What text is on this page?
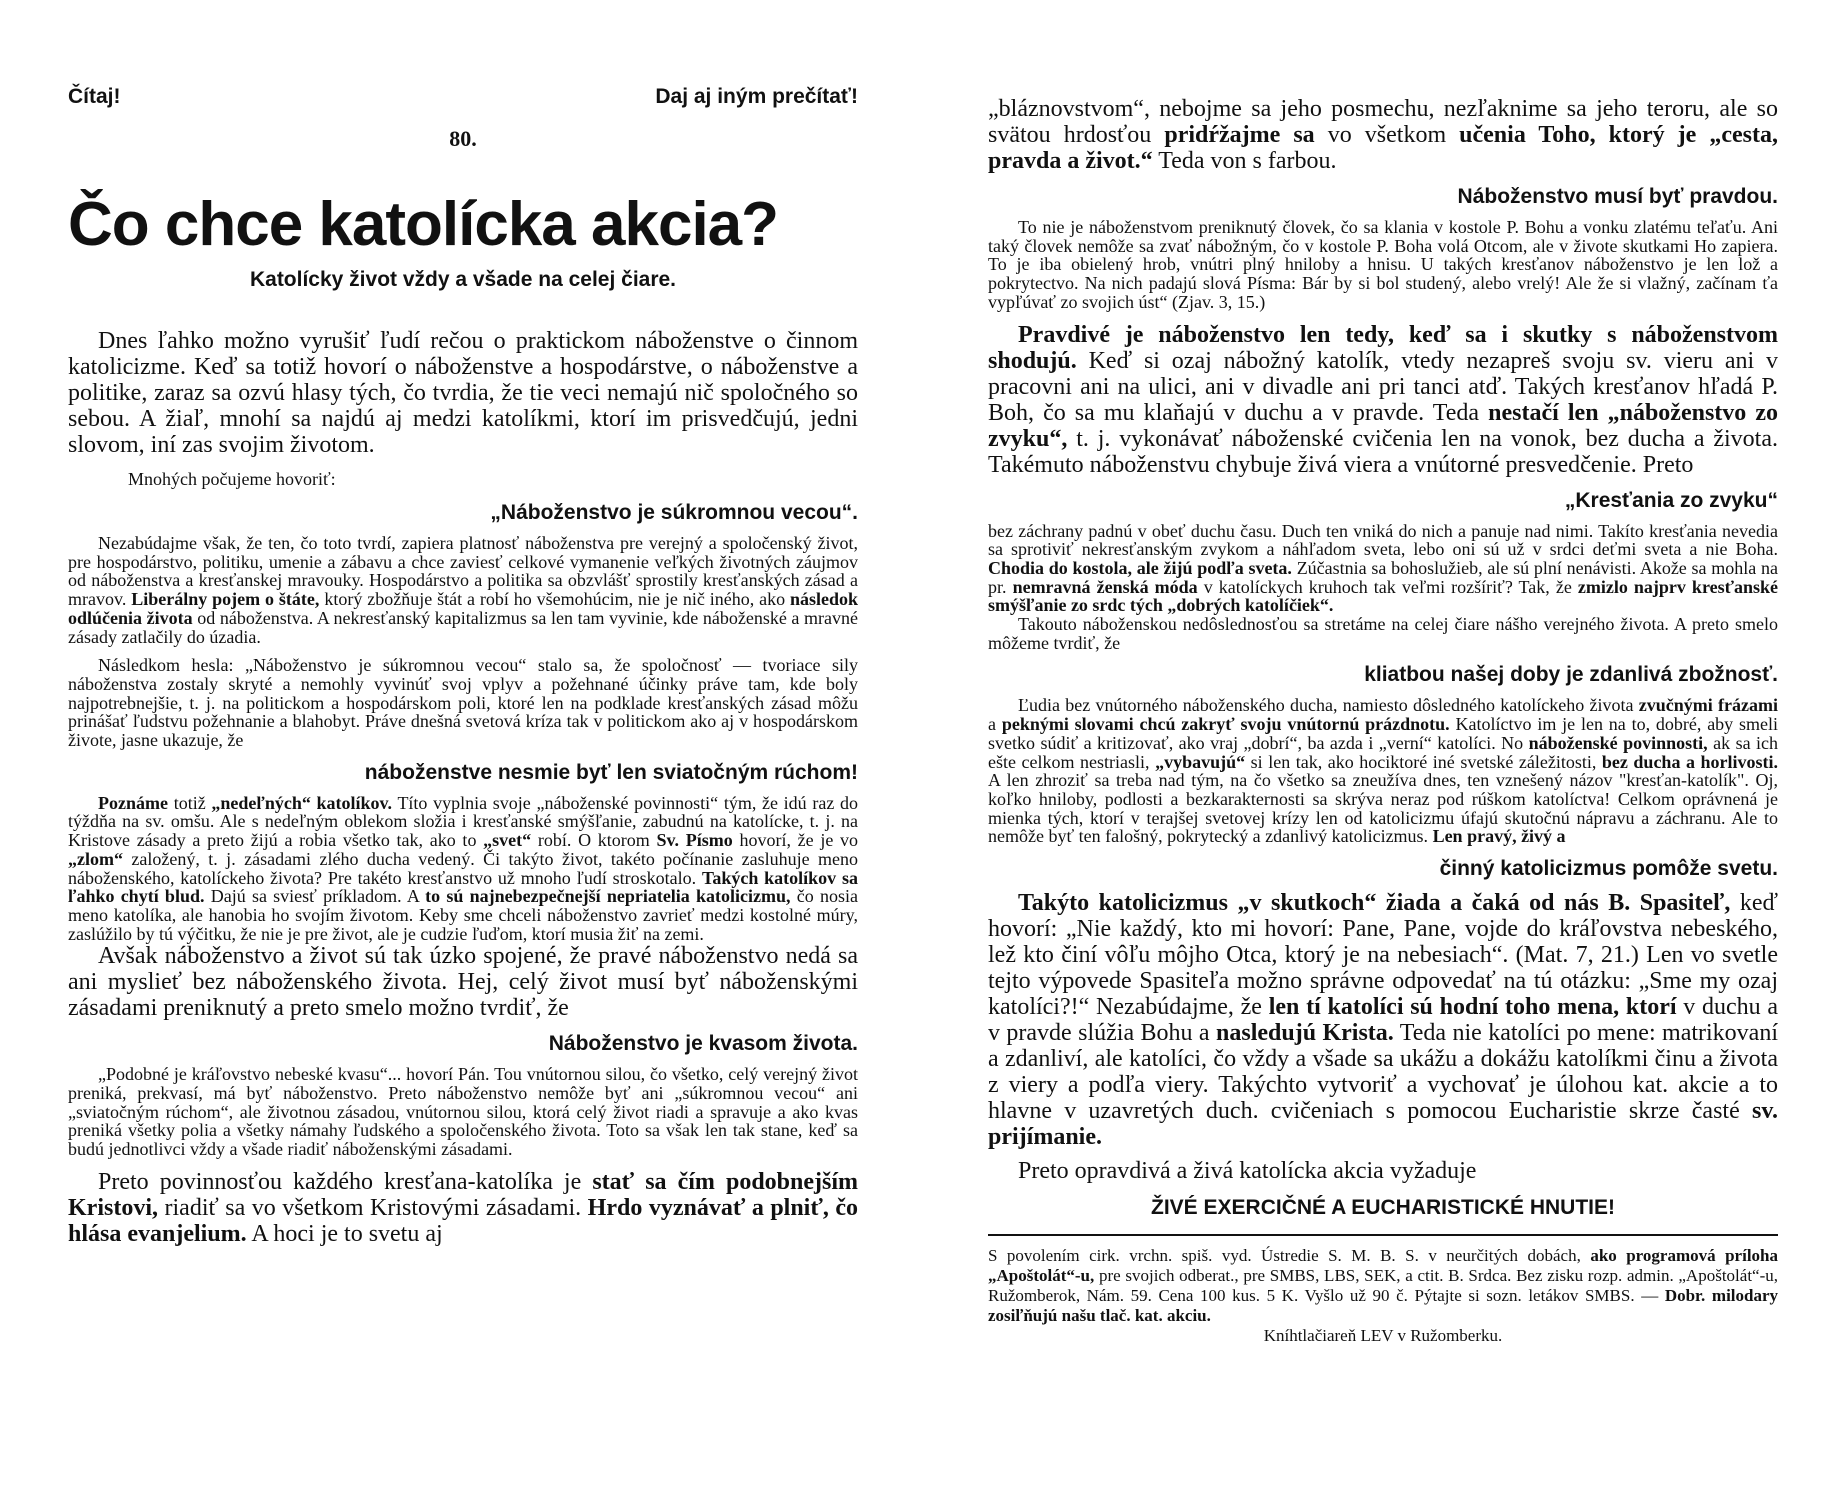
Čítaj!	Daj aj iným prečítať!
80.
Čo chce katolícka akcia?
Katolícky život vždy a všade na celej čiare.

Dnes ľahko možno vyrušiť ľudí rečou o praktickom náboženstve o činnom katolicizme. Keď sa totiž hovorí o náboženstve a hospodárstve, o náboženstve a politike, zaraz sa ozvú hlasy tých, čo tvrdia, že tie veci nemajú nič spoločného so sebou. A žiaľ, mnohí sa najdú aj medzi katolíkmi, ktorí im prisvedčujú, jedni slovom, iní zas svojim životom.

Mnohých počujeme hovoriť:

„Náboženstvo je súkromnou vecou“.

Nezabúdajme však, že ten, čo toto tvrdí, zapiera platnosť náboženstva pre verejný a spoločenský život, pre hospodárstvo, politiku, umenie a zábavu a chce zaviesť celkové vymanenie veľkých životných záujmov od náboženstva a kresťanskej mravouky. Hospodárstvo a politika sa obzvlášť sprostily kresťanských zásad a mravov. Liberálny pojem o štáte, ktorý zbožňuje štát a robí ho všemohúcim, nie je nič iného, ako následok odlúčenia života od náboženstva. A nekresťanský kapitalizmus sa len tam vyvinie, kde náboženské a mravné zásady zatlačily do úzadia.

Následkom hesla: „Náboženstvo je súkromnou vecou“ stalo sa, že spoločnosť — tvoriace sily náboženstva zostaly skryté a nemohly vyvinúť svoj vplyv a požehnané účinky práve tam, kde boly najpotrebnejšie, t. j. na politickom a hospodárskom poli, ktoré len na podklade kresťanských zásad môžu prinášať ľudstvu požehnanie a blahobyt. Práve dnešná svetová kríza tak v politickom ako aj v hospodárskom živote, jasne ukazuje, že

náboženstve nesmie byť len sviatočným rúchom!

Poznáme totiž „nedeľných“ katolíkov. Títo vyplnia svoje „náboženské povinnosti“ tým, že idú raz do týždňa na sv. omšu. Ale s nedeľným oblekom složia i kresťanské smýšľanie, zabudnú na katolícke, t. j. na Kristove zásady a preto žijú a robia všetko tak, ako to „svet“ robí. O ktorom Sv. Písmo hovorí, že je vo „zlom“ založený, t. j. zásadami zlého ducha vedený. Či takýto život, takéto počínanie zasluhuje meno náboženského, katolíckeho života? Pre takéto kresťanstvo už mnoho ľudí stroskotalo. Takých katolíkov sa ľahko chytí blud. Dajú sa sviesť príkladom. A to sú najnebezpečnejší nepriatelia katolicizmu, čo nosia meno katolíka, ale hanobia ho svojím životom. Keby sme chceli náboženstvo zavrieť medzi kostolné múry, zaslúžilo by tú výčitku, že nie je pre život, ale je cudzie ľuďom, ktorí musia žiť na zemi.

Avšak náboženstvo a život sú tak úzko spojené, že pravé náboženstvo nedá sa ani myslieť bez náboženského života. Hej, celý život musí byť náboženskými zásadami preniknutý a preto smelo možno tvrdiť, že

Náboženstvo je kvasom života.

„Podobné je kráľovstvo nebeské kvasu“... hovorí Pán. Tou vnútornou silou, čo všetko, celý verejný život preniká, prekvasí, má byť náboženstvo. Preto náboženstvo nemôže byť ani „súkromnou vecou“ ani „sviatočným rúchom“, ale životnou zásadou, vnútornou silou, ktorá celý život riadi a spravuje a ako kvas preniká všetky polia a všetky námahy ľudského a spoločenského života. Toto sa však len tak stane, keď sa budú jednotlivci vždy a všade riadiť náboženskými zásadami.

Preto povinnosťou každého kresťana-katolíka je stať sa čím podobnejším Kristovi, riadiť sa vo všetkom Kristovými zásadami. Hrdo vyznávať a plniť, čo hlása evanjelium. A hoci je to svetu aj

„bláznovstvom“, nebojme sa jeho posmechu, nezľaknime sa jeho teroru, ale so svätou hrdosťou pridŕžajme sa vo všetkom učenia Toho, ktorý je „cesta, pravda a život.“ Teda von s farbou.

Náboženstvo musí byť pravdou.

To nie je náboženstvom preniknutý človek, čo sa klania v kostole P. Bohu a vonku zlatému teľaťu. Ani taký človek nemôže sa zvať nábožným, čo v kostole P. Boha volá Otcom, ale v živote skutkami Ho zapiera. To je iba obielený hrob, vnútri plný hniloby a hnisu. U takých kresťanov náboženstvo je len lož a pokrytectvo. Na nich padajú slová Písma: Bár by si bol studený, alebo vrelý! Ale že si vlažný, začínam ťa vypľúvať zo svojich úst“ (Zjav. 3, 15.)

Pravdivé je náboženstvo len tedy, keď sa i skutky s náboženstvom shodujú. Keď si ozaj nábožný katolík, vtedy nezapreš svoju sv. vieru ani v pracovni ani na ulici, ani v divadle ani pri tanci atď. Takých kresťanov hľadá P. Boh, čo sa mu klaňajú v duchu a v pravde. Teda nestačí len „náboženstvo zo zvyku“, t. j. vykonávať náboženské cvičenia len na vonok, bez ducha a života. Takémuto náboženstvu chybuje živá viera a vnútorné presvedčenie. Preto

„Kresťania zo zvyku“

bez záchrany padnú v obeť duchu času. Duch ten vniká do nich a panuje nad nimi. Takíto kresťania nevedia sa sprotiviť nekresťanským zvykom a náhľadom sveta, lebo oni sú už v srdci deťmi sveta a nie Boha. Chodia do kostola, ale žijú podľa sveta. Zúčastnia sa bohoslužieb, ale sú plní nenávisti. Akože sa mohla na pr. nemravná ženská móda v katolíckych kruhoch tak veľmi rozšíriť? Tak, že zmizlo najprv kresťanské smýšľanie zo srdc tých „dobrých katolíčiek“.

Takouto náboženskou nedôslednosťou sa stretáme na celej čiare nášho verejného života. A preto smelo môžeme tvrdiť, že

kliatbou našej doby je zdanlivá zbožnosť.

Ľudia bez vnútorného náboženského ducha, namiesto dôsledného katolíckeho života zvučnými frázami a peknými slovami chcú zakryť svoju vnútornú prázdnotu. Katolíctvo im je len na to, dobré, aby smeli svetko súdiť a kritizovať, ako vraj „dobrí“, ba azda i „verní“ katolíci. No náboženské povinnosti, ak sa ich ešte celkom nestriasli, „vybavujú“ si len tak, ako hociktoré iné svetské záležitosti, bez ducha a horlivosti. A len zhroziť sa treba nad tým, na čo všetko sa zneužíva dnes, ten vznešený názov "kresťan-katolík". Oj, koľko hniloby, podlosti a bezkarakternosti sa skrýva neraz pod rúškom katolíctva! Celkom oprávnená je mienka tých, ktorí v terajšej svetovej krízy len od katolicizmu úfajú skutočnú nápravu a záchranu. Ale to nemôže byť ten falošný, pokrytecký a zdanlivý katolicizmus. Len pravý, živý a

činný katolicizmus pomôže svetu.

Takýto katolicizmus „v skutkoch“ žiada a čaká od nás B. Spasiteľ, keď hovorí: „Nie každý, kto mi hovorí: Pane, Pane, vojde do kráľovstva nebeského, lež kto činí vôľu môjho Otca, ktorý je na nebesiach“. (Mat. 7, 21.) Len vo svetle tejto výpovede Spasiteľa možno správne odpovedať na tú otázku: „Sme my ozaj katolíci?!“ Nezabúdajme, že len tí katolíci sú hodní toho mena, ktorí v duchu a v pravde slúžia Bohu a nasledujú Krista. Teda nie katolíci po mene: matrikovaní a zdanliví, ale katolíci, čo vždy a všade sa ukážu a dokážu katolíkmi činu a života z viery a podľa viery. Takýchto vytvoriť a vychovať je úlohou kat. akcie a to hlavne v uzavretých duch. cvičeniach s pomocou Eucharistie skrze časté sv. prijímanie.

Preto opravdivá a živá katolícka akcia vyžaduje

ŽIVÉ EXERCIČNÉ A EUCHARISTICKÉ HNUTIE!

S povolením cirk. vrchn. spiš. vyd. Ústredie S. M. B. S. v neurčitých dobách, ako programová príloha „Apoštolát“-u, pre svojich odberat., pre SMBS, LBS, SEK, a ctit. B. Srdca. Bez zisku rozp. admin. „Apoštolát“-u, Ružomberok, Nám. 59. Cena 100 kus. 5 K. Vyšlo už 90 č. Pýtajte si sozn. letákov SMBS. — Dobr. milodary zosiľňujú našu tlač. kat. akciu.

Kníhtlačiareň LEV v Ružomberku.
